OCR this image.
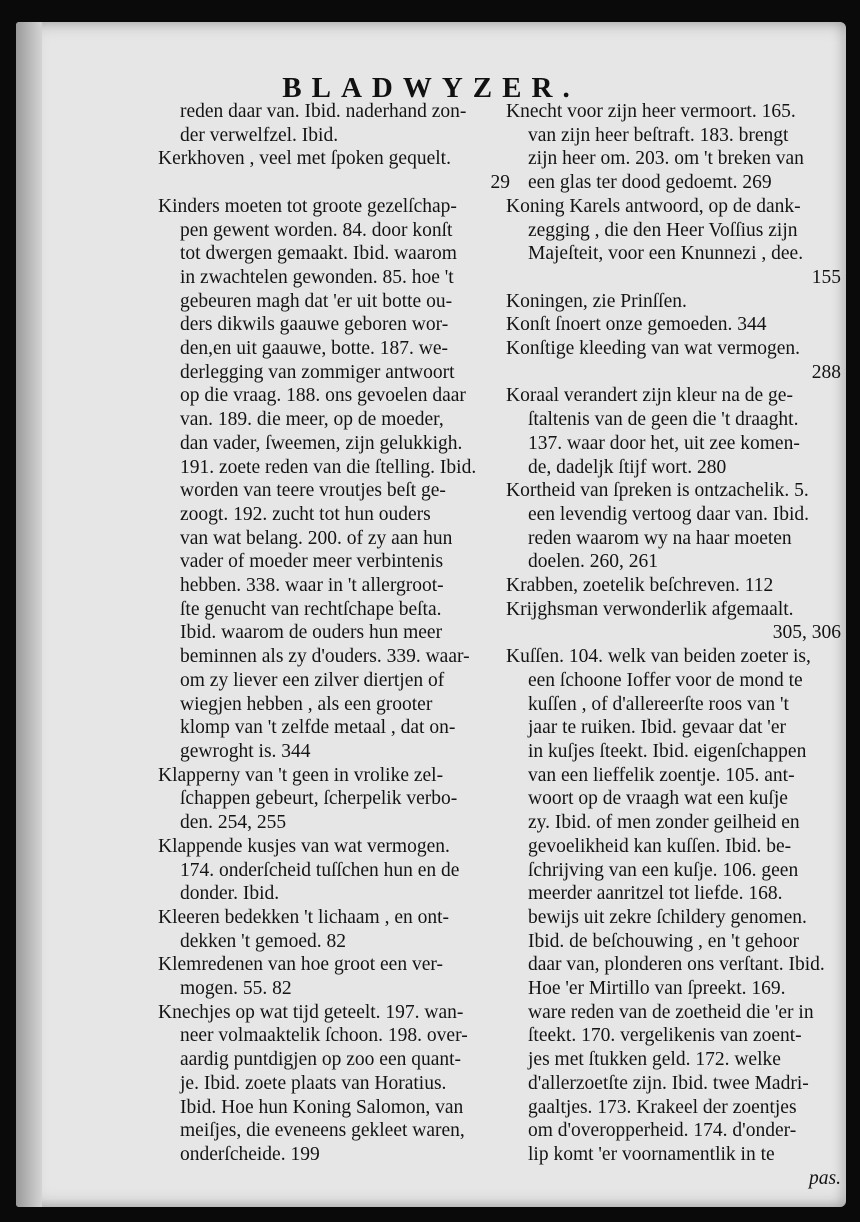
BLADWYZER.
reden daar van. Ibid. naderhand zon-
der verwelfzel. Ibid.
Kerkhoven , veel met ſpoken gequelt.
29
Kinders moeten tot groote gezelſchap-
pen gewent worden. 84. door konſt
tot dwergen gemaakt. Ibid. waarom
in zwachtelen gewonden. 85. hoe 't
gebeuren magh dat 'er uit botte ou-
ders dikwils gaauwe geboren wor-
den,en uit gaauwe, botte. 187. we-
derlegging van zommiger antwoort
op die vraag. 188. ons gevoelen daar
van. 189. die meer, op de moeder,
dan vader, ſweemen, zijn gelukkigh.
191. zoete reden van die ſtelling. Ibid.
worden van teere vroutjes beſt ge-
zoogt. 192. zucht tot hun ouders
van wat belang. 200. of zy aan hun
vader of moeder meer verbintenis
hebben. 338. waar in 't allergroot-
ſte genucht van rechtſchape beſta.
Ibid. waarom de ouders hun meer
beminnen als zy d'ouders. 339. waar-
om zy liever een zilver diertjen of
wiegjen hebben , als een grooter
klomp van 't zelfde metaal , dat on-
gewroght is. 344
Klapperny van 't geen in vrolike zel-
ſchappen gebeurt, ſcherpelik verbo-
den. 254, 255
Klappende kusjes van wat vermogen.
174. onderſcheid tuſſchen hun en de
donder. Ibid.
Kleeren bedekken 't lichaam , en ont-
dekken 't gemoed. 82
Klemredenen van hoe groot een ver-
mogen. 55. 82
Knechjes op wat tijd geteelt. 197. wan-
neer volmaaktelik ſchoon. 198. over-
aardig puntdigjen op zoo een quant-
je. Ibid. zoete plaats van Horatius.
Ibid. Hoe hun Koning Salomon, van
meiſjes, die eveneens gekleet waren,
onderſcheide. 199
Knecht voor zijn heer vermoort. 165.
van zijn heer beſtraft. 183. brengt
zijn heer om. 203. om 't breken van
een glas ter dood gedoemt. 269
Koning Karels antwoord, op de dank-
zegging , die den Heer Voſſius zijn
Majeſteit, voor een Knunnezi , dee.
155
Koningen, zie Prinſſen.
Konſt ſnoert onze gemoeden. 344
Konſtige kleeding van wat vermogen.
288
Koraal verandert zijn kleur na de ge-
ſtaltenis van de geen die 't draaght.
137. waar door het, uit zee komen-
de, dadeljk ſtijf wort. 280
Kortheid van ſpreken is ontzachelik. 5.
een levendig vertoog daar van. Ibid.
reden waarom wy na haar moeten
doelen. 260, 261
Krabben, zoetelik beſchreven. 112
Krijghsman verwonderlik afgemaalt.
305, 306
Kuſſen. 104. welk van beiden zoeter is,
een ſchoone Ioffer voor de mond te
kuſſen , of d'allereerſte roos van 't
jaar te ruiken. Ibid. gevaar dat 'er
in kuſjes ſteekt. Ibid. eigenſchappen
van een lieffelik zoentje. 105. ant-
woort op de vraagh wat een kuſje
zy. Ibid. of men zonder geilheid en
gevoelikheid kan kuſſen. Ibid. be-
ſchrijving van een kuſje. 106. geen
meerder aanritzel tot liefde. 168.
bewijs uit zekre ſchildery genomen.
Ibid. de beſchouwing , en 't gehoor
daar van, plonderen ons verſtant. Ibid.
Hoe 'er Mirtillo van ſpreekt. 169.
ware reden van de zoetheid die 'er in
ſteekt. 170. vergelikenis van zoent-
jes met ſtukken geld. 172. welke
d'allerzoetſte zijn. Ibid. twee Madri-
gaaltjes. 173. Krakeel der zoentjes
om d'overopperheid. 174. d'onder-
lip komt 'er voornamentlik in te
pas.
